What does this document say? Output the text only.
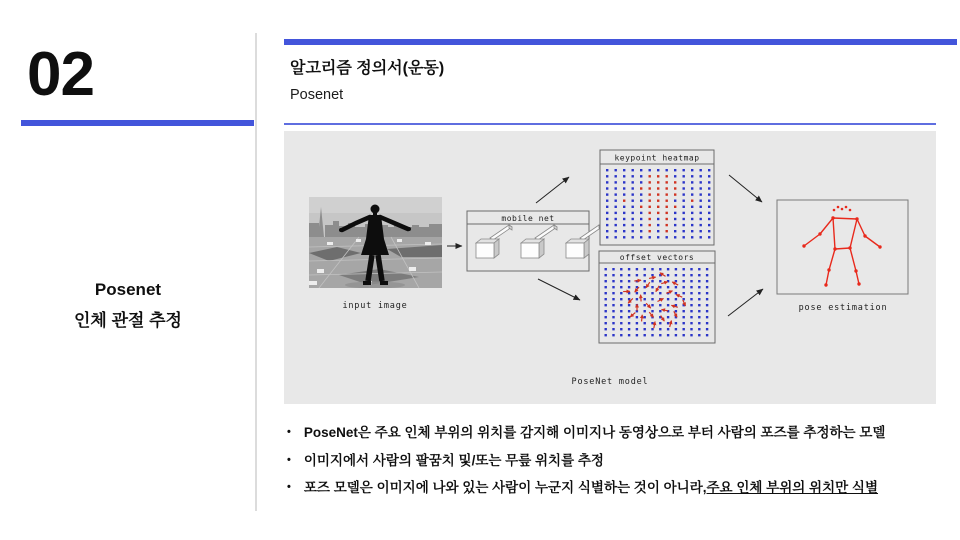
02
Posenet
인체 관절 추정
알고리즘 정의서(운동)
Posenet
input image
mobile net
keypoint heatmap
offset vectors
pose estimation
PoseNet model
• PoseNet은 주요 인체 부위의 위치를 감지해 이미지나 동영상으로 부터 사람의 포즈를 추정하는 모델
• 이미지에서 사람의 팔꿈치 및/또는 무릎 위치를 추정
• 포즈 모델은 이미지에 나와 있는 사람이 누군지 식별하는 것이 아니라,주요 인체 부위의 위치만 식별
